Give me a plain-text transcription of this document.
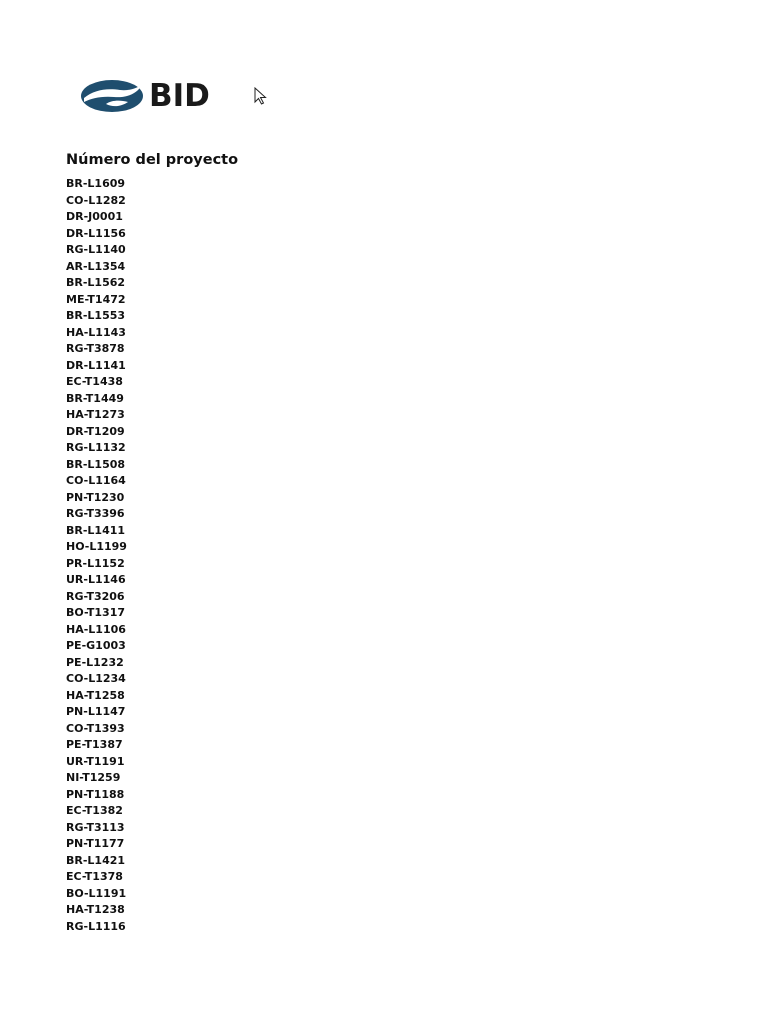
BID
Número del proyecto
BR-L1609
CO-L1282
DR-J0001
DR-L1156
RG-L1140
AR-L1354
BR-L1562
ME-T1472
BR-L1553
HA-L1143
RG-T3878
DR-L1141
EC-T1438
BR-T1449
HA-T1273
DR-T1209
RG-L1132
BR-L1508
CO-L1164
PN-T1230
RG-T3396
BR-L1411
HO-L1199
PR-L1152
UR-L1146
RG-T3206
BO-T1317
HA-L1106
PE-G1003
PE-L1232
CO-L1234
HA-T1258
PN-L1147
CO-T1393
PE-T1387
UR-T1191
NI-T1259
PN-T1188
EC-T1382
RG-T3113
PN-T1177
BR-L1421
EC-T1378
BO-L1191
HA-T1238
RG-L1116
